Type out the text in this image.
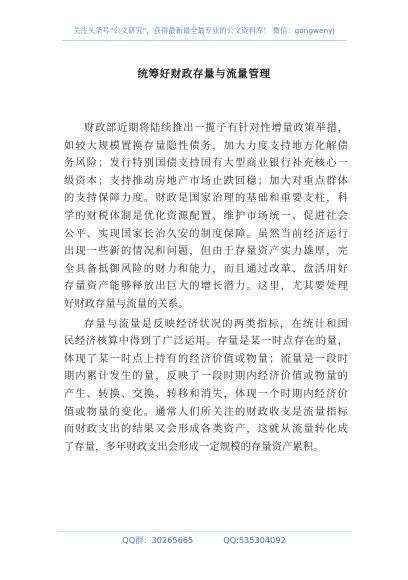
关注头条号“公文研究”，获得最新最全最专业的公文资料库！ 微信：gongwenyj
统筹好财政存量与流量管理
财政部近期将陆续推出一揽子有针对性增量政策举措，
如较大规模置换存量隐性债务，加大力度支持地方化解债
务风险；发行特别国债支持国有大型商业银行补充核心一
级资本；支持推动房地产市场止跌回稳；加大对重点群体
的支持保障力度。财政是国家治理的基础和重要支柱，科
学的财税体制是优化资源配置、维护市场统一、促进社会
公平、实现国家长治久安的制度保障。虽然当前经济运行
出现一些新的情况和问题，但由于存量资产实力雄厚，完
全具备抵御风险的财力和能力，而且通过改革、盘活用好
存量资产能够释放出巨大的增长潜力。这里，尤其要处理
好财政存量与流量的关系。
存量与流量是反映经济状况的两类指标，在统计和国
民经济核算中得到了广泛运用。存量是某一时点存在的量，
体现了某一时点上持有的经济价值或物量；流量是一段时
期内累计发生的量，反映了一段时期内经济价值或物量的
产生、转换、交换、转移和消失，体现一个时期内经济价
值或物量的变化。通常人们所关注的财政收支是流量指标
而财政支出的结果又会形成各类资产，这就从流量转化成
了存量，多年财政支出会形成一定规模的存量资产累积。
QQ群：30265665	QQ:535304092
